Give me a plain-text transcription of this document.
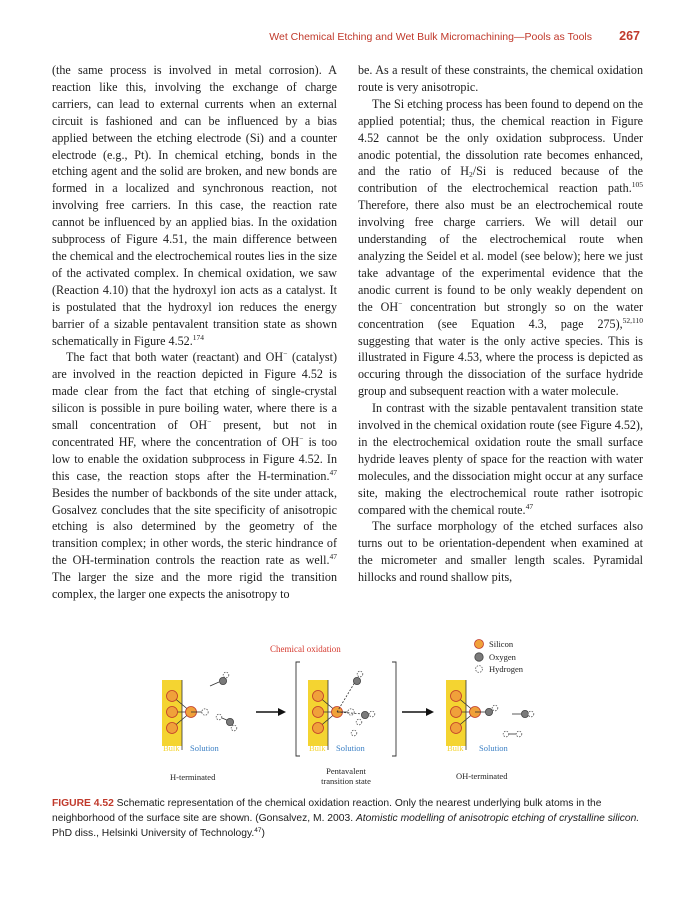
Wet Chemical Etching and Wet Bulk Micromachining—Pools as Tools 267

(the same process is involved in metal corrosion). A reaction like this, involving the exchange of charge carriers, can lead to external currents when an external circuit is fashioned and can be influenced by a bias applied between the etching electrode (Si) and a counter electrode (e.g., Pt). In chemical etching, bonds in the etching agent and the solid are broken, and new bonds are formed in a localized and synchronous reaction, not involving free carriers. In this case, the reaction rate cannot be influenced by an applied bias. In the oxidation subprocess of Figure 4.51, the main difference between the chemical and the electrochemical routes lies in the size of the activated complex. In chemical oxidation, we saw (Reaction 4.10) that the hydroxyl ion acts as a catalyst. It is postulated that the hydroxyl ion reduces the energy barrier of a sizable pentavalent transition state as shown schematically in Figure 4.52.$^{174}$

The fact that both water (reactant) and OH− (catalyst) are involved in the reaction depicted in Figure 4.52 is made clear from the fact that etching of single-crystal silicon is possible in pure boiling water, where there is a small concentration of OH− present, but not in concentrated HF, where the concentration of OH− is too low to enable the oxidation subprocess in Figure 4.52. In this case, the reaction stops after the H-termination.$^{47}$ Besides the number of backbonds of the site under attack, Gosalvez concludes that the site specificity of anisotropic etching is also determined by the geometry of the transition complex; in other words, the steric hindrance of the OH-termination controls the reaction rate as well.$^{47}$ The larger the size and the more rigid the transition complex, the larger one expects the anisotropy to

be. As a result of these constraints, the chemical oxidation route is very anisotropic.

The Si etching process has been found to depend on the applied potential; thus, the chemical reaction in Figure 4.52 cannot be the only oxidation subprocess. Under anodic potential, the dissolution rate becomes enhanced, and the ratio of $H_2/Si$ is reduced because of the contribution of the electrochemical reaction path.$^{105}$ Therefore, there also must be an electrochemical route involving free charge carriers. We will detail our understanding of the electrochemical route when analyzing the Seidel et al. model (see below); here we just take advantage of the experimental evidence that the anodic current is found to be only weakly dependent on the OH− concentration but strongly so on the water concentration (see Equation 4.3, page 275),$^{52,110}$ suggesting that water is the only active species. This is illustrated in Figure 4.53, where the process is depicted as occuring through the dissociation of the surface hydride group and subsequent reaction with a water molecule.

In contrast with the sizable pentavalent transition state involved in the chemical oxidation route (see Figure 4.52), in the electrochemical oxidation route the small surface hydride leaves plenty of space for the reaction with water molecules, and the dissociation might occur at any surface site, making the electrochemical route rather isotropic compared with the chemical route.$^{47}$

The surface morphology of the etched surfaces also turns out to be orientation-dependent when examined at the micrometer and smaller length scales. Pyramidal hillocks and round shallow pits,

Chemical oxidation	Silicon
Oxygen
Hydrogen
Bulk Solution
H-terminated
Bulk Solution
Pentavalent
transition state
Bulk Solution
OH-terminated
FIGURE 4.52 Schematic representation of the chemical oxidation reaction. Only the nearest underlying bulk atoms in the neighborhood of the surface site are shown. (Gonsalvez, M. 2003. Atomistic modelling of anisotropic etching of crystalline silicon. PhD diss., Helsinki University of Technology.$^{47}$)
